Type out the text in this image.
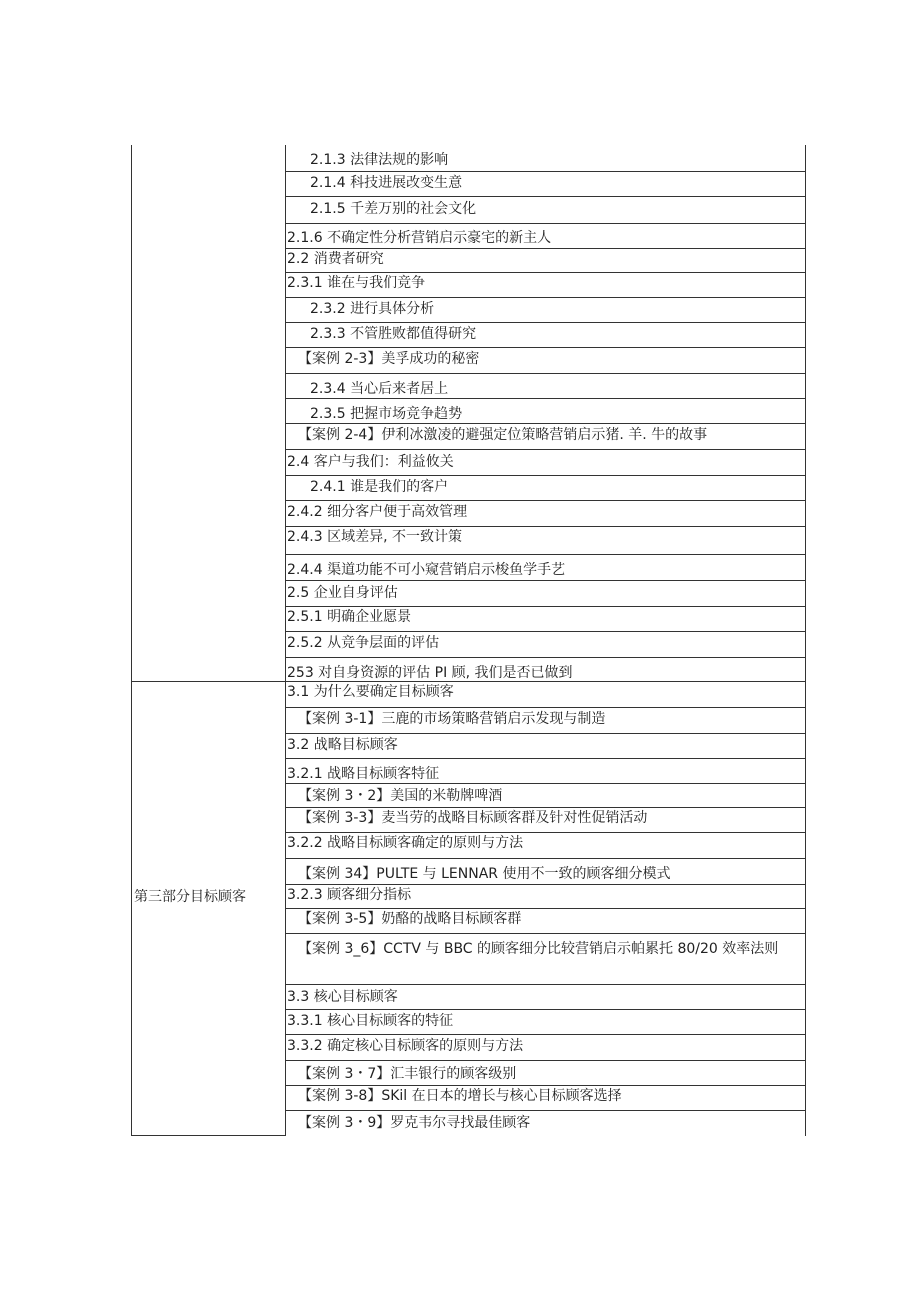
第三部分目标顾客
2.1.3 法律法规的影响
2.1.4 科技进展改变生意
2.1.5 千差万别的社会文化
2.1.6 不确定性分析营销启示豪宅的新主人
2.2 消费者研究
2.3.1 谁在与我们竞争
2.3.2 进行具体分析
2.3.3 不管胜败都值得研究
【案例 2-3】美孚成功的秘密
2.3.4 当心后来者居上
2.3.5 把握市场竞争趋势
【案例 2-4】伊利冰激凌的避强定位策略营销启示猪. 羊. 牛的故事
2.4 客户与我们：利益攸关
2.4.1 谁是我们的客户
2.4.2 细分客户便于高效管理
2.4.3 区域差异, 不一致计策
2.4.4 渠道功能不可小窥营销启示梭鱼学手艺
2.5 企业自身评估
2.5.1 明确企业愿景
2.5.2 从竞争层面的评估
253 对自身资源的评估 PI 顾, 我们是否已做到
3.1 为什么要确定目标顾客
【案例 3-1】三鹿的市场策略营销启示发现与制造
3.2 战略目标顾客
3.2.1 战略目标顾客特征
【案例 3・2】美国的米勒牌啤酒
【案例 3-3】麦当劳的战略目标顾客群及针对性促销活动
3.2.2 战略目标顾客确定的原则与方法
【案例 34】PULTE 与 LENNAR 使用不一致的顾客细分模式
3.2.3 顾客细分指标
【案例 3-5】奶酪的战略目标顾客群
【案例 3_6】CCTV 与 BBC 的顾客细分比较营销启示帕累托 80/20 效率法则
3.3 核心目标顾客
3.3.1 核心目标顾客的特征
3.3.2 确定核心目标顾客的原则与方法
【案例 3・7】汇丰银行的顾客级别
【案例 3-8】SKil 在日本的增长与核心目标顾客选择
【案例 3・9】罗克韦尔寻找最佳顾客
